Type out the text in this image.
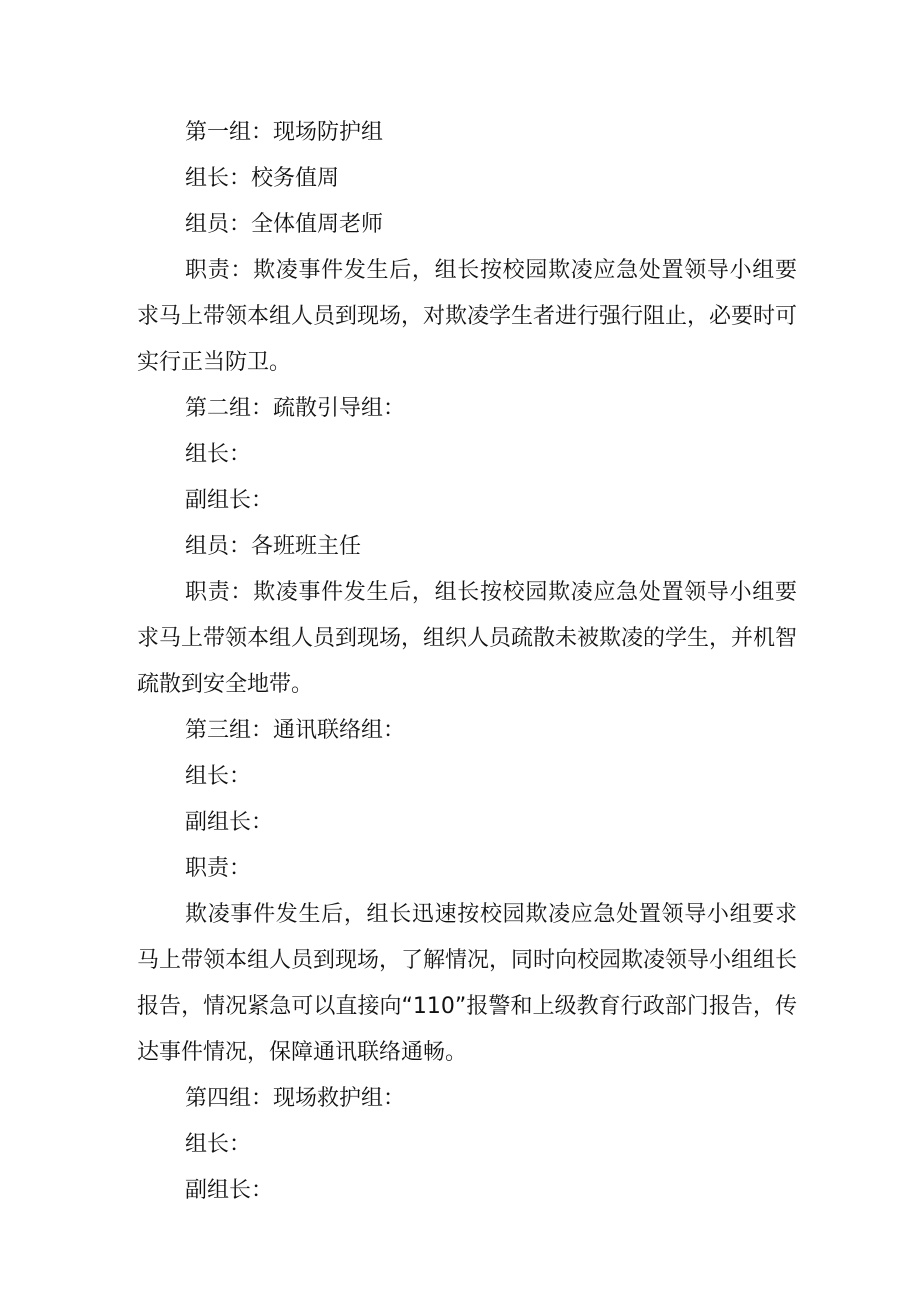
第一组：现场防护组

组长：校务值周

组员：全体值周老师

职责：欺凌事件发生后，组长按校园欺凌应急处置领导小组要求马上带领本组人员到现场，对欺凌学生者进行强行阻止，必要时可实行正当防卫。

第二组：疏散引导组：

组长：

副组长：

组员：各班班主任

职责：欺凌事件发生后，组长按校园欺凌应急处置领导小组要求马上带领本组人员到现场，组织人员疏散未被欺凌的学生，并机智疏散到安全地带。

第三组：通讯联络组：

组长：

副组长：

职责：

欺凌事件发生后，组长迅速按校园欺凌应急处置领导小组要求马上带领本组人员到现场，了解情况，同时向校园欺凌领导小组组长报告，情况紧急可以直接向“110”报警和上级教育行政部门报告，传达事件情况，保障通讯联络通畅。

第四组：现场救护组：

组长：

副组长：
